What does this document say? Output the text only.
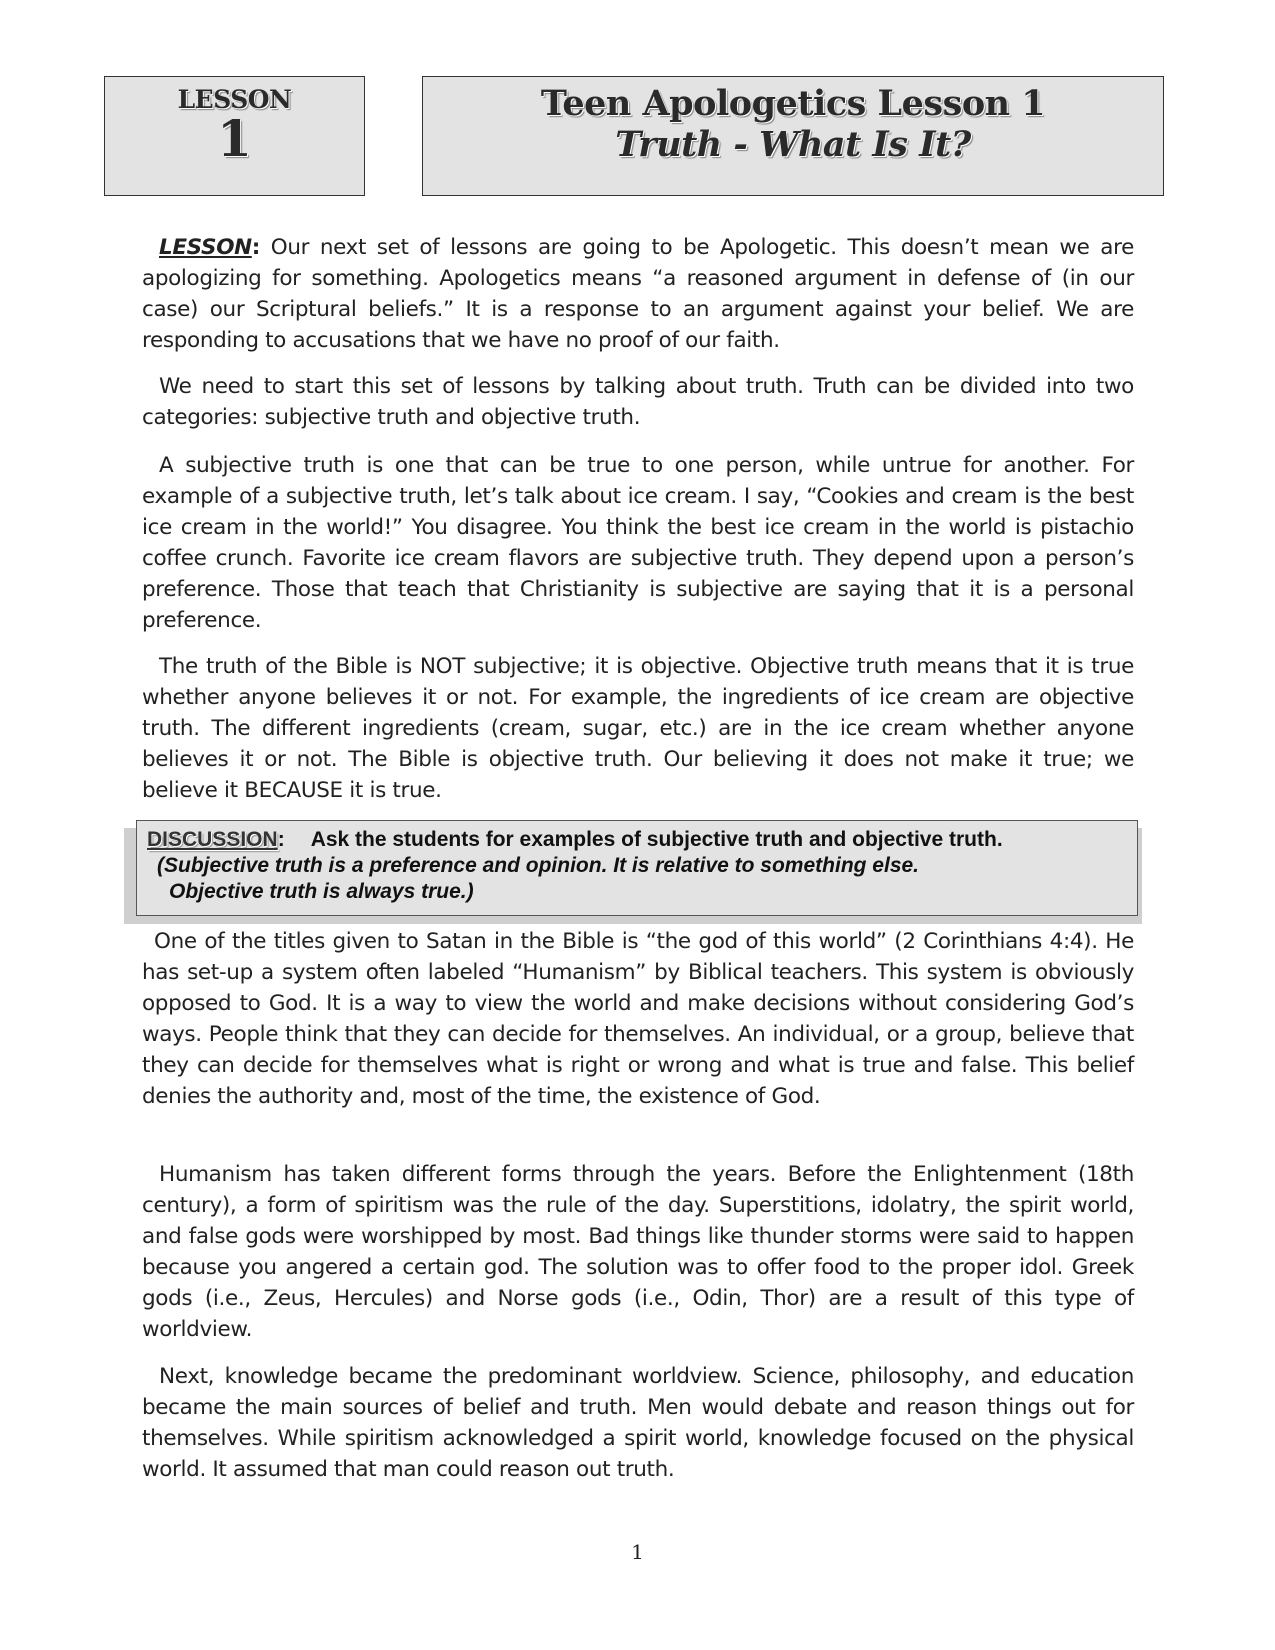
LESSON
1
Teen Apologetics Lesson 1
Truth - What Is It?

LESSON: Our next set of lessons are going to be Apologetic. This doesn’t mean we are apologizing for something. Apologetics means “a reasoned argument in defense of (in our case) our Scriptural beliefs.” It is a response to an argument against your belief. We are responding to accusations that we have no proof of our faith.

We need to start this set of lessons by talking about truth. Truth can be divided into two categories: subjective truth and objective truth.

A subjective truth is one that can be true to one person, while untrue for another. For example of a subjective truth, let’s talk about ice cream. I say, “Cookies and cream is the best ice cream in the world!” You disagree. You think the best ice cream in the world is pistachio coffee crunch. Favorite ice cream flavors are subjective truth. They depend upon a person’s preference. Those that teach that Christianity is subjective are saying that it is a personal preference.

The truth of the Bible is NOT subjective; it is objective. Objective truth means that it is true whether anyone believes it or not. For example, the ingredients of ice cream are objective truth. The different ingredients (cream, sugar, etc.) are in the ice cream whether anyone believes it or not. The Bible is objective truth. Our believing it does not make it true; we believe it BECAUSE it is true.

DISCUSSION: Ask the students for examples of subjective truth and objective truth.
(Subjective truth is a preference and opinion. It is relative to something else.
Objective truth is always true.)

One of the titles given to Satan in the Bible is “the god of this world” (2 Corinthians 4:4). He has set-up a system often labeled “Humanism” by Biblical teachers. This system is obviously opposed to God. It is a way to view the world and make decisions without considering God’s ways. People think that they can decide for themselves. An individual, or a group, believe that they can decide for themselves what is right or wrong and what is true and false. This belief denies the authority and, most of the time, the existence of God.

Humanism has taken different forms through the years. Before the Enlightenment (18th century), a form of spiritism was the rule of the day. Superstitions, idolatry, the spirit world, and false gods were worshipped by most. Bad things like thunder storms were said to happen because you angered a certain god. The solution was to offer food to the proper idol. Greek gods (i.e., Zeus, Hercules) and Norse gods (i.e., Odin, Thor) are a result of this type of worldview.

Next, knowledge became the predominant worldview. Science, philosophy, and education became the main sources of belief and truth. Men would debate and reason things out for themselves. While spiritism acknowledged a spirit world, knowledge focused on the physical world. It assumed that man could reason out truth.

1
